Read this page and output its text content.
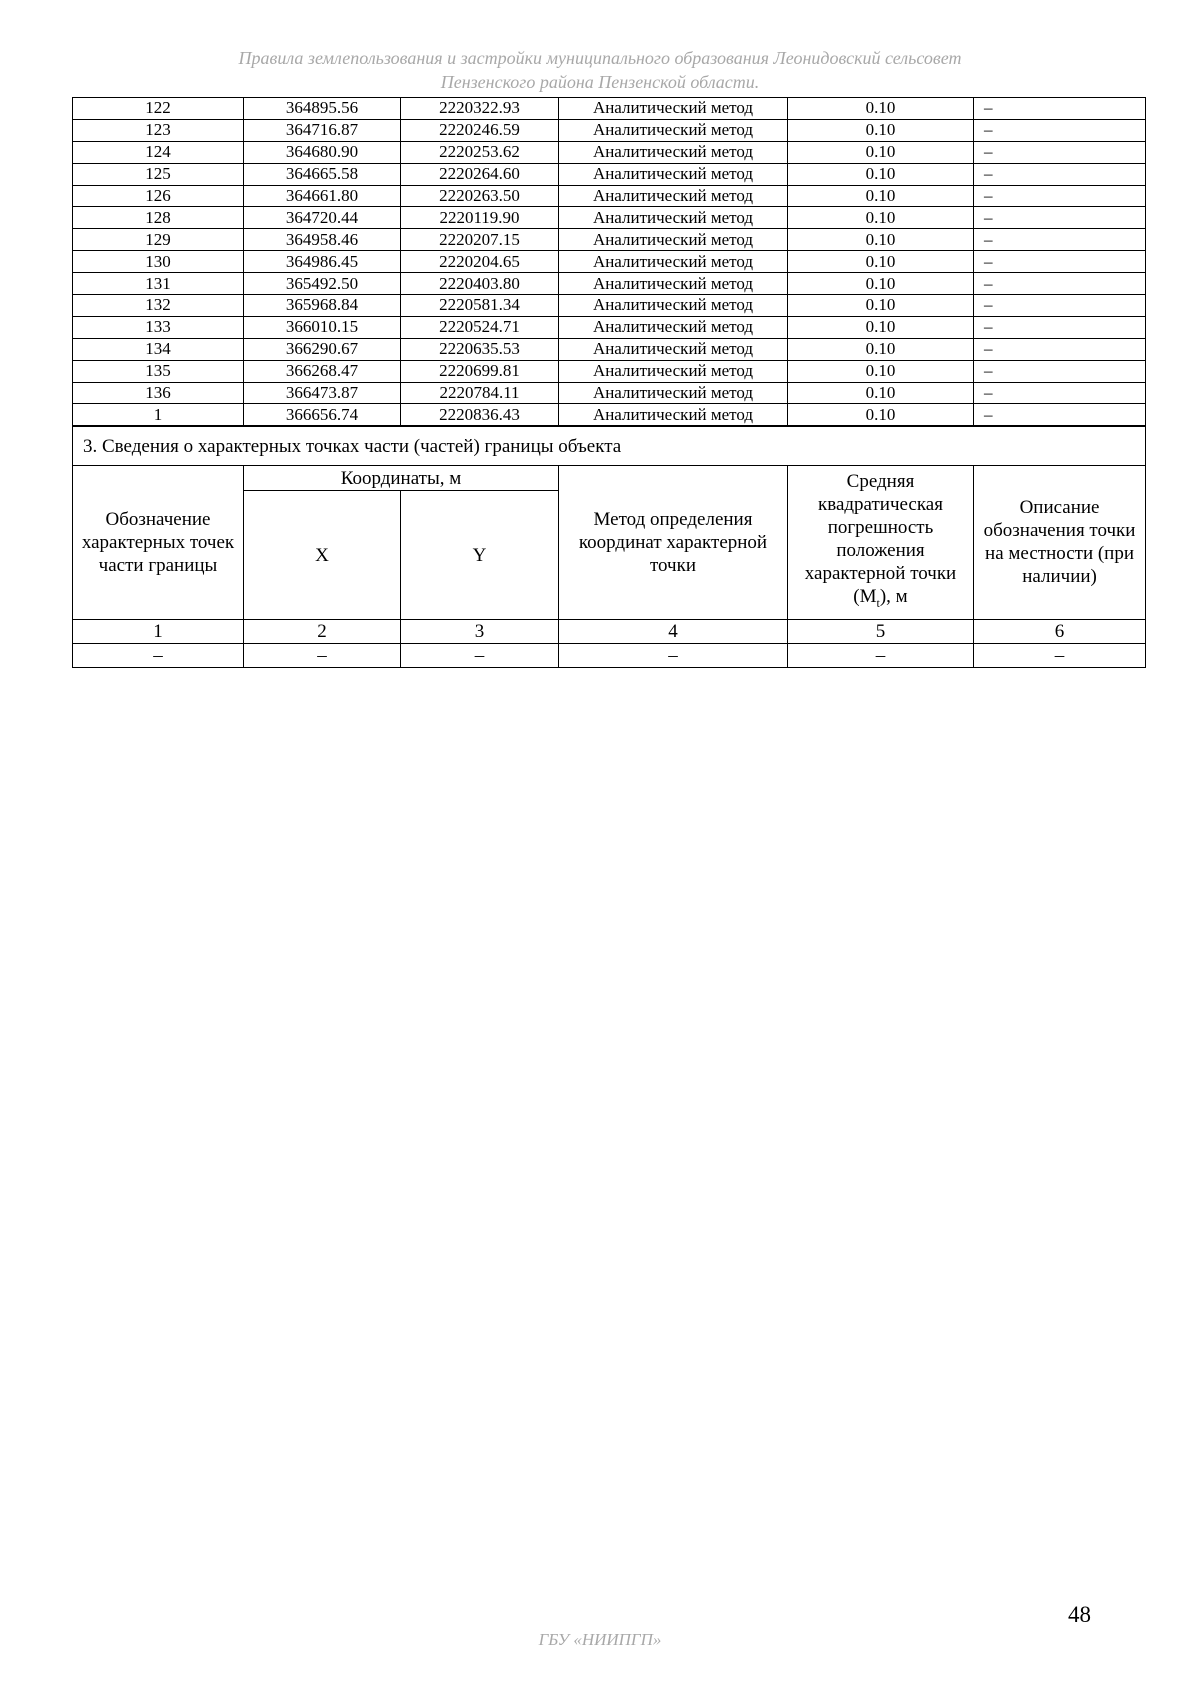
Правила землепользования и застройки муниципального образования Леонидовский сельсовет
Пензенского района Пензенской области.
122	364895.56	2220322.93	Аналитический метод	0.10	–
123	364716.87	2220246.59	Аналитический метод	0.10	–
124	364680.90	2220253.62	Аналитический метод	0.10	–
125	364665.58	2220264.60	Аналитический метод	0.10	–
126	364661.80	2220263.50	Аналитический метод	0.10	–
128	364720.44	2220119.90	Аналитический метод	0.10	–
129	364958.46	2220207.15	Аналитический метод	0.10	–
130	364986.45	2220204.65	Аналитический метод	0.10	–
131	365492.50	2220403.80	Аналитический метод	0.10	–
132	365968.84	2220581.34	Аналитический метод	0.10	–
133	366010.15	2220524.71	Аналитический метод	0.10	–
134	366290.67	2220635.53	Аналитический метод	0.10	–
135	366268.47	2220699.81	Аналитический метод	0.10	–
136	366473.87	2220784.11	Аналитический метод	0.10	–
1	366656.74	2220836.43	Аналитический метод	0.10	–
3. Сведения о характерных точках части (частей) границы объекта					
Обозначение характерных точек части границы	Координаты, м		Метод определения координат характерной точки	Средняя квадратическая погрешность положения характерной точки $(M_t)$, м	Описание обозначения точки на местности (при наличии)
	X	Y			
1	2	3	4	5	6
–	–	–	–	–	–
48
ГБУ «НИИПГП»
